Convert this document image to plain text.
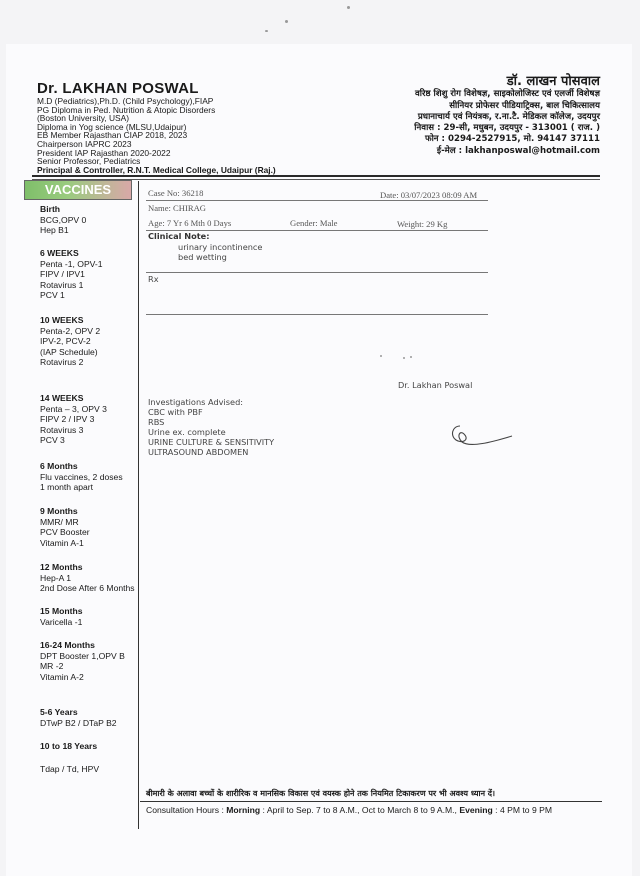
Dr. LAKHAN POSWAL
M.D (Pediatrics),Ph.D. (Child Psychology),FIAP
PG Diploma in Ped. Nutrition & Atopic Disorders
(Boston University, USA)
Diploma in Yog science (MLSU,Udaipur)
EB Member Rajasthan CIAP 2018, 2023
Chairperson IAPRC 2023
President IAP Rajasthan 2020-2022
Senior Professor, Pediatrics
Principal & Controller, R.N.T. Medical College, Udaipur (Raj.)
डॉ. लाखन पोसवाल
वरिष्ठ शिशु रोग विशेषज्ञ, साइकोलोजिस्ट एवं एलर्जी विशेषज्ञ
सीनियर प्रोफेसर पीडियाट्रिक्स, बाल चिकित्सालय
प्रधानाचार्य एवं नियंत्रक, र.ना.टै. मेडिकल कॉलेज, उदयपुर
निवास : 29-सी, मधुबन, उदयपुर - 313001 ( राज. )
फोन : 0294-2527915, मो. 94147 37111
ई-मेल : lakhanposwal@hotmail.com
VACCINES
Birth
BCG,OPV 0
Hep B1
6 WEEKS
Penta -1, OPV-1
FIPV / IPV1
Rotavirus 1
PCV 1
10 WEEKS
Penta-2, OPV 2
IPV-2, PCV-2
(IAP Schedule)
Rotavirus 2
14 WEEKS
Penta – 3, OPV 3
FIPV 2 / IPV 3
Rotavirus 3
PCV 3
6 Months
Flu vaccines, 2 doses
1 month apart
9 Months
MMR/ MR
PCV Booster
Vitamin A-1
12 Months
Hep-A 1
2nd Dose After 6 Months
15 Months
Varicella -1
16-24 Months
DPT Booster 1,OPV B
MR -2
Vitamin A-2
5-6 Years
DTwP B2 / DTaP B2
10 to 18 Years
Tdap / Td, HPV
Case No: 36218	Date: 03/07/2023 08:09 AM
Name: CHIRAG
Age: 7 Yr 6 Mth 0 Days	Gender: Male	Weight: 29 Kg
Clinical Note:
urinary incontinence
bed wetting
Rx
Dr. Lakhan Poswal
Investigations Advised:
CBC with PBF
RBS
Urine ex. complete
URINE CULTURE & SENSITIVITY
ULTRASOUND ABDOMEN
बीमारी के अलावा बच्चों के शारीरिक व मानसिक विकास एवं वयस्क होने तक नियमित टिकाकरण पर भी अवश्य ध्यान दें।
Consultation Hours : Morning : April to Sep. 7 to 8 A.M., Oct to March 8 to 9 A.M., Evening : 4 PM to 9 PM
